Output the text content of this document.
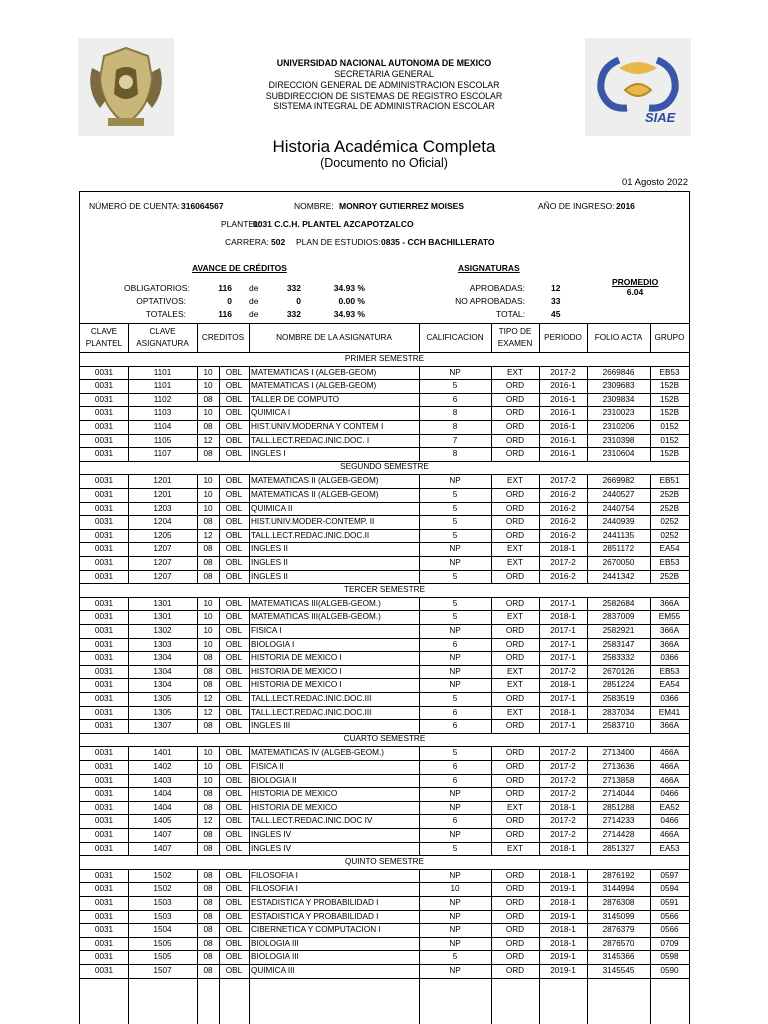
SIAE
UNIVERSIDAD NACIONAL AUTONOMA DE MEXICO
SECRETARIA GENERAL
DIRECCION GENERAL DE ADMINISTRACION ESCOLAR
SUBDIRECCION DE SISTEMAS DE REGISTRO ESCOLAR
SISTEMA INTEGRAL DE ADMINISTRACION ESCOLAR
Historia Académica Completa
(Documento no Oficial)
01 Agosto 2022
NÚMERO DE CUENTA: 316064567	NOMBRE: MONROY GUTIERREZ MOISES	AÑO DE INGRESO: 2016
PLANTEL:
0031 C.C.H. PLANTEL AZCAPOTZALCO
CARRERA: 502 PLAN DE ESTUDIOS: 0835 - CCH BACHILLERATO
AVANCE DE CRÉDITOS	ASIGNATURAS
OBLIGATORIOS:	116 de	332	34.93 %
OPTATIVOS:	0 de	0	0.00 %
TOTALES:	116 de	332	34.93 %
APROBADAS:	12
NO APROBADAS:	33
TOTAL:	45
PROMEDIO
6.04
CLAVE PLANTEL
CLAVE ASIGNATURA
CREDITOS	NOMBRE DE LA ASIGNATURA	CALIFICACION
TIPO DE EXAMEN
PERIODO	FOLIO ACTA	GRUPO
PRIMER SEMESTRE
0031	1101	10	OBL	MATEMATICAS I (ALGEB-GEOM)	NP	EXT	2017-2	2669846	EB53
0031	1101	10	OBL	MATEMATICAS I (ALGEB-GEOM)	5	ORD	2016-1	2309683	152B
0031	1102	08	OBL	TALLER DE COMPUTO	6	ORD	2016-1	2309834	152B
0031	1103	10	OBL	QUIMICA I	8	ORD	2016-1	2310023	152B
0031	1104	08	OBL	HIST.UNIV.MODERNA Y CONTEM I	8	ORD	2016-1	2310206	0152
0031	1105	12	OBL	TALL.LECT.REDAC.INIC.DOC. I	7	ORD	2016-1	2310398	0152
0031	1107	08	OBL	INGLES I	8	ORD	2016-1	2310604	152B
SEGUNDO SEMESTRE
0031	1201	10	OBL	MATEMATICAS II (ALGEB-GEOM)	NP	EXT	2017-2	2669982	EB51
0031	1201	10	OBL	MATEMATICAS II (ALGEB-GEOM)	5	ORD	2016-2	2440527	252B
0031	1203	10	OBL	QUIMICA II	5	ORD	2016-2	2440754	252B
0031	1204	08	OBL	HIST.UNIV.MODER-CONTEMP. II	5	ORD	2016-2	2440939	0252
0031	1205	12	OBL	TALL.LECT.REDAC.INIC.DOC.II	5	ORD	2016-2	2441135	0252
0031	1207	08	OBL	INGLES II	NP	EXT	2018-1	2851172	EA54
0031	1207	08	OBL	INGLES II	NP	EXT	2017-2	2670050	EB53
0031	1207	08	OBL	INGLES II	5	ORD	2016-2	2441342	252B
TERCER SEMESTRE
0031	1301	10	OBL	MATEMATICAS III(ALGEB-GEOM.)	5	ORD	2017-1	2582684	366A
0031	1301	10	OBL	MATEMATICAS III(ALGEB-GEOM.)	5	EXT	2018-1	2837009	EM55
0031	1302	10	OBL	FISICA I	NP	ORD	2017-1	2582921	366A
0031	1303	10	OBL	BIOLOGIA I	6	ORD	2017-1	2583147	366A
0031	1304	08	OBL	HISTORIA DE MEXICO I	NP	ORD	2017-1	2583332	0366
0031	1304	08	OBL	HISTORIA DE MEXICO I	NP	EXT	2017-2	2670126	EB53
0031	1304	08	OBL	HISTORIA DE MEXICO I	NP	EXT	2018-1	2851224	EA54
0031	1305	12	OBL	TALL.LECT.REDAC.INIC.DOC.III	5	ORD	2017-1	2583519	0366
0031	1305	12	OBL	TALL.LECT.REDAC.INIC.DOC.III	6	EXT	2018-1	2837034	EM41
0031	1307	08	OBL	INGLES III	6	ORD	2017-1	2583710	366A
CUARTO SEMESTRE
0031	1401	10	OBL	MATEMATICAS IV (ALGEB-GEOM.)	5	ORD	2017-2	2713400	466A
0031	1402	10	OBL	FISICA II	6	ORD	2017-2	2713636	466A
0031	1403	10	OBL	BIOLOGIA II	6	ORD	2017-2	2713858	466A
0031	1404	08	OBL	HISTORIA DE MEXICO	NP	ORD	2017-2	2714044	0466
0031	1404	08	OBL	HISTORIA DE MEXICO	NP	EXT	2018-1	2851288	EA52
0031	1405	12	OBL	TALL.LECT.REDAC.INIC.DOC IV	6	ORD	2017-2	2714233	0466
0031	1407	08	OBL	INGLES IV	NP	ORD	2017-2	2714428	466A
0031	1407	08	OBL	INGLES IV	5	EXT	2018-1	2851327	EA53
QUINTO SEMESTRE
0031	1502	08	OBL	FILOSOFIA I	NP	ORD	2018-1	2876192	0597
0031	1502	08	OBL	FILOSOFIA I	10	ORD	2019-1	3144994	0594
0031	1503	08	OBL	ESTADISTICA Y PROBABILIDAD I	NP	ORD	2018-1	2876308	0591
0031	1503	08	OBL	ESTADISTICA Y PROBABILIDAD I	NP	ORD	2019-1	3145099	0566
0031	1504	08	OBL	CIBERNETICA Y COMPUTACION I	NP	ORD	2018-1	2876379	0566
0031	1505	08	OBL	BIOLOGIA III	NP	ORD	2018-1	2876570	0709
0031	1505	08	OBL	BIOLOGIA III	5	ORD	2019-1	3145366	0598
0031	1507	08	OBL	QUIMICA III	NP	ORD	2019-1	3145545	0590
